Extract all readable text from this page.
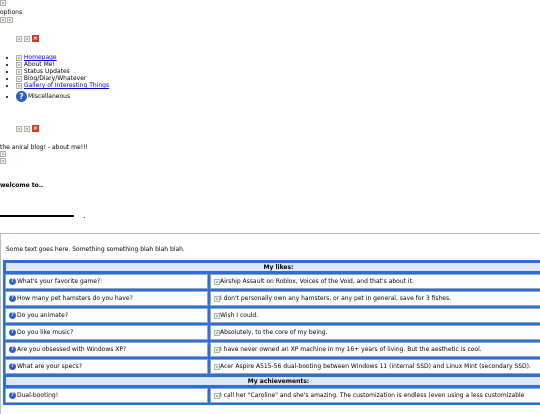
options
×
• Homepage
• About Me!
• Status Updates
• Blog/Diary/Whatever
• Gallery of Interesting Things
• ? Miscellaneous
×
the aniral blog! - about me!!!
welcome to..
.
Some text goes here. Something something blah blah blah.
My likes:	
? What's your favorite game?:	Airship Assault on Roblox, Voices of the Void, and that's about it.
? How many pet hamsters do you have?	I don't personally own any hamsters, or any pet in general, save for 3 fishes.
? Do you animate?	Wish I could.
? Do you like music?	Absolutely, to the core of my being.
? Are you obsessed with Windows XP?	I have never owned an XP machine in my 16+ years of living. But the aesthetic is cool.
? What are your specs?	Acer Aspire A515-56 dual-booting between Windows 11 (internal SSD) and Linux Mint (secondary SSD).
My achievements:	
? Dual-booting!	I call her "Caroline" and she's amazing. The customization is endless (even using a less customizable
